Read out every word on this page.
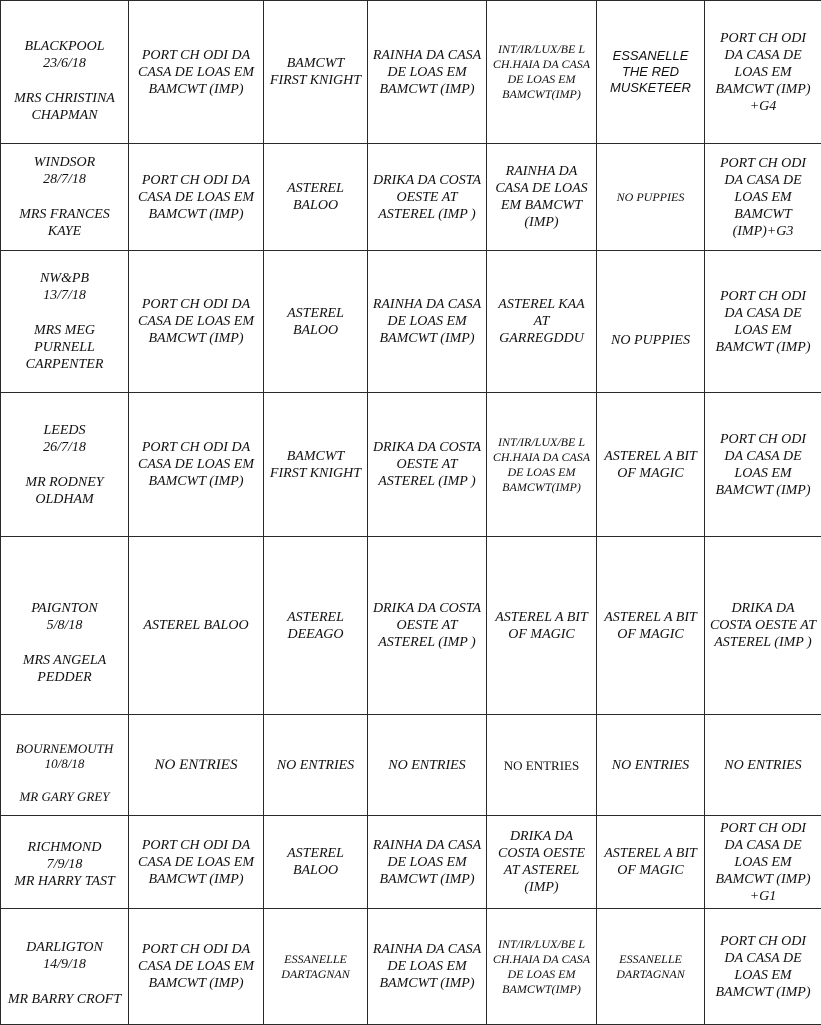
BLACKPOOL
23/6/18
MRS CHRISTINA CHAPMAN	PORT CH ODI DA CASA DE LOAS EM BAMCWT (IMP)	BAMCWT FIRST KNIGHT	RAINHA DA CASA DE LOAS EM BAMCWT (IMP)	INT/IR/LUX/BE L CH.HAIA DA CASA DE LOAS EM BAMCWT(IMP)	ESSANELLE THE RED MUSKETEER	PORT CH ODI DA CASA DE LOAS EM BAMCWT (IMP) +G4
WINDSOR
28/7/18
MRS FRANCES KAYE	PORT CH ODI DA CASA DE LOAS EM BAMCWT (IMP)	ASTEREL BALOO	DRIKA DA COSTA OESTE AT ASTEREL (IMP )	RAINHA DA CASA DE LOAS EM BAMCWT (IMP)	NO PUPPIES	PORT CH ODI DA CASA DE LOAS EM BAMCWT (IMP)+G3
NW&PB
13/7/18
MRS MEG PURNELL CARPENTER	PORT CH ODI DA CASA DE LOAS EM BAMCWT (IMP)	ASTEREL BALOO	RAINHA DA CASA DE LOAS EM BAMCWT (IMP)	ASTEREL KAA AT GARREGDDU	NO PUPPIES	PORT CH ODI DA CASA DE LOAS EM BAMCWT (IMP)
LEEDS
26/7/18
MR RODNEY OLDHAM	PORT CH ODI DA CASA DE LOAS EM BAMCWT (IMP)	BAMCWT FIRST KNIGHT	DRIKA DA COSTA OESTE AT ASTEREL (IMP )	INT/IR/LUX/BE L CH.HAIA DA CASA DE LOAS EM BAMCWT(IMP)	ASTEREL A BIT OF MAGIC	PORT CH ODI DA CASA DE LOAS EM BAMCWT (IMP)
PAIGNTON
5/8/18
MRS ANGELA PEDDER	ASTEREL BALOO	ASTEREL DEEAGO	DRIKA DA COSTA OESTE AT ASTEREL (IMP )	ASTEREL A BIT OF MAGIC	ASTEREL A BIT OF MAGIC	DRIKA DA COSTA OESTE AT ASTEREL (IMP )
BOURNEMOUTH
10/8/18
MR GARY GREY	NO ENTRIES	NO ENTRIES	NO ENTRIES	NO ENTRIES	NO ENTRIES	NO ENTRIES
RICHMOND
7/9/18
MR HARRY TAST	PORT CH ODI DA CASA DE LOAS EM BAMCWT (IMP)	ASTEREL BALOO	RAINHA DA CASA DE LOAS EM BAMCWT (IMP)	DRIKA DA COSTA OESTE AT ASTEREL (IMP)	ASTEREL A BIT OF MAGIC	PORT CH ODI DA CASA DE LOAS EM BAMCWT (IMP) +G1
DARLIGTON
14/9/18
MR BARRY CROFT	PORT CH ODI DA CASA DE LOAS EM BAMCWT (IMP)	ESSANELLE DARTAGNAN	RAINHA DA CASA DE LOAS EM BAMCWT (IMP)	INT/IR/LUX/BE L CH.HAIA DA CASA DE LOAS EM BAMCWT(IMP)	ESSANELLE DARTAGNAN	PORT CH ODI DA CASA DE LOAS EM BAMCWT (IMP)
